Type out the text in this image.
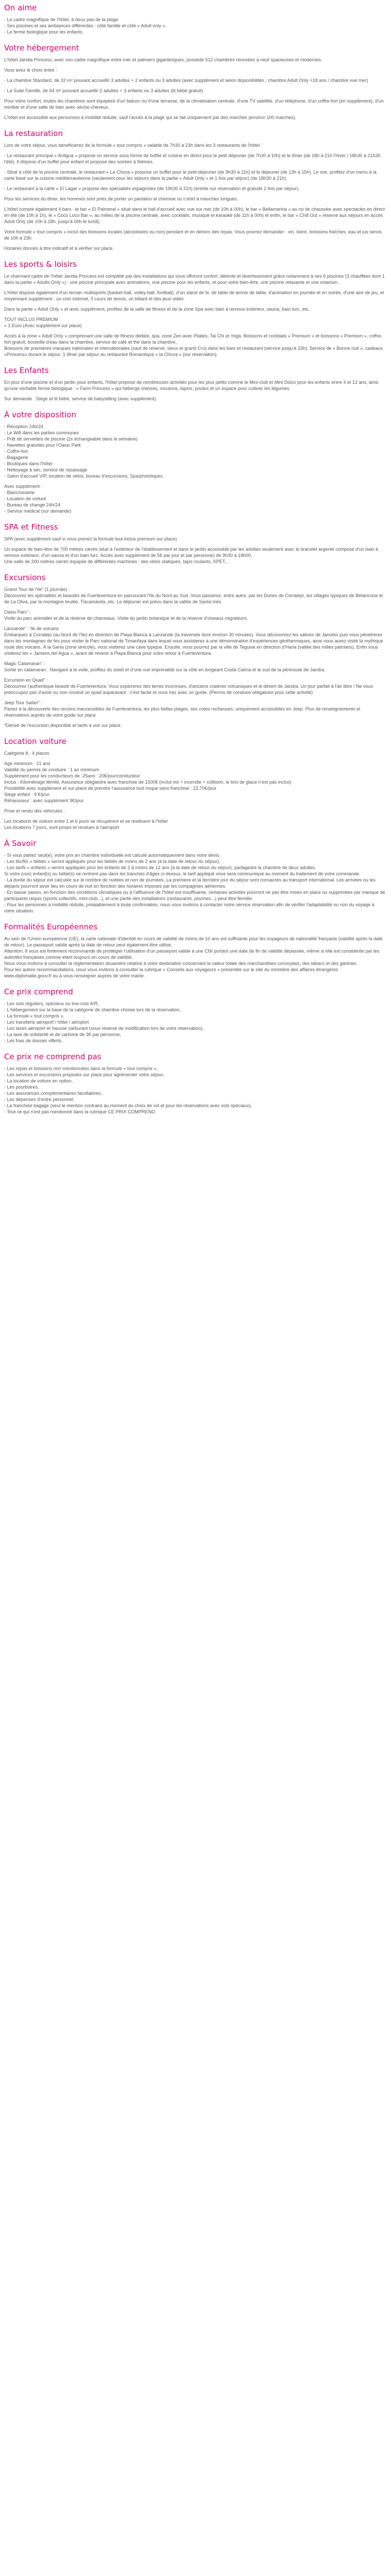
On aime

- Le cadre magnifique de l'hôtel, à deux pas de la plage.
- Ses piscines et ses ambiances différentes : côté famille et côté « Adult only ».
- Le ferme biologique pour les enfants.

Votre hébergement

L'hôtel Jandia Princess, avec son cadre magnifique entre mer et palmiers gigantesques, possède 512 chambres rénovées à neuf spacieuses et modernes.

Vous avez le choix entre :

- La chambre Standard, de 32 m² pouvant accueillir 3 adultes + 2 enfants ou 3 adultes (avec supplément et selon disponibilités ; chambre Adult Only +18 ans / chambre vue mer)

- La Suite Famille, de 64 m² pouvant accueillir 2 adultes + 3 enfants ou 3 adultes (lit bébé gratuit)

Pour votre confort, toutes les chambres sont équipées d'un balcon ou d'une terrasse, de la climatisation centrale, d'une TV satellite, d'un téléphone, d'un coffre-fort (en supplément), d'un minibar et d'une salle de bain avec sèche-cheveux.

L'hôtel est accessible aux personnes à mobilité réduite, sauf l'accès à la plage qui se fait uniquement par des marches (environ 100 marches).

La restauration

Lors de votre séjour, vous bénéficierez de la formule « tout compris » valable de 7h30 à 23h dans les 3 restaurants de l'hôtel :

- Le restaurant principal « Antigua » propose un service sous forme de buffet et cuisine en direct pour le petit déjeuner (de 7h30 à 10h) et le dîner (de 18h à 21h l'hiver / 18h30 à 21h30 l'été). Il dispose d'un buffet pour enfant et propose des soirées à thèmes.

- Situé à côté de la piscine centrale, le restaurant « La Choza » propose un buffet pour le petit-déjeuner (de 9h30 à 11h) et le déjeuner (de 13h à 15h). Le soir, profitez d'un menu à la carte basé sur la cuisine méditerranéenne (seulement pour les séjours dans la partie « Adult Only » et 1 fois par séjour) (de 18h30 à 21h).

- Le restaurant à la carte « El Lagar » propose des spécialités espagnoles (de 19h30 à 21h) (entrée sur réservation et gratuité 1 fois par séjour).

Pour les services du dîner, les hommes sont priés de porter un pantalon et chemise ou t-shirt à manches longues.

L'hôtel compte également 4 bars : le bar « El Palmeral » situé dans le hall d'accueil avec vue sur mer (de 10h à 00h), le bar « Bellamarina » au roi de chaussée avec spectacles en direct en été (de 10h à 1h), le « Coco Loco Bar », au milieu de la piscine centrale, avec cocktails, musique et karaoké (de 11h à 00h) et enfin, le bar « Chill Out » réservé aux séjours en accès Adult Only (de 10h à 18h, jusqu'à 00h le lundi).

Votre formule « tout compris » inclut des boissons locales (alcoolisées ou non) pendant et en dehors des repas. Vous pourrez demander : vin, bière, boissons fraîches, eau et jus servis de 10h à 23h.

Horaires donnés à titre indicatif et à vérifier sur place.

Les sports & loisirs

Le charmant cadre de l'hôtel Jandia Princess est complété par des installations qui vous offriront confort, détente et divertissement grâce notamment à ses 6 piscines (3 chauffées dont 1 dans la partie « Adults Only ») : une piscine principale avec animations, une piscine pour les enfants, et pour votre bien-être, une piscine relaxante et une solarium.

L'hôtel dispose également d'un terrain multisports (basket-ball, volley-ball, football), d'un stand de tir, de table de tennis de table, d'animation en journée et en soirée, d'une aire de jeu, et moyennant supplément : un coin internet, 3 cours de tennis, un billard et des jeux vidéo.

Dans la partie « Adult Only » et avec supplément, profitez de la salle de fitness et de la zone Spa avec bain à remous extérieur, sauna, bain turc, etc.

TOUT INCLUS PREMIUM
« 1 Euro (Avec supplément sur place)

Accès à la zone « Adult Only » comprenant une salle de fitness dédiée, spa, zone Zen avec Pilates, Tai Chi et Yoga. Boissons et cocktails « Premium » et boissons « Premium », coffre-fort gratuit, bouteille d'eau dans la chambre, service de café et thé dans la chambre,
Boissons de premières marques nationales et internationales (sauf de réserve, vieux et grand Cru) dans les bars et restaurant (service jusqu'à 23h). Service de « Bonne nuit », cadeaux «Princess» durant le séjour, 1 dîner par séjour au restaurant Romantique « la Choza » (sur réservation).

Les Enfants

En plus d'une piscine et d'un jardin pour enfants, l'hôtel propose de nombreuses activités pour les plus petits comme le Mini-club et Mini Disco pour les enfants entre 4 et 12 ans, ainsi qu'une véritable ferme biologique : « Farm Princess » qui héberge chèvres, moutons, lapins, poules et un espace pour cultiver les légumes.

Sur demande : Siège et lit bébé, service de babysitting (avec supplément).

À votre disposition

- Réception 24h/24
- Le Wifi dans les parties communes
- Prêt de serviettes de piscine (2x échangeable dans la semaine)
- Navettes gratuites pour l'Oasis Park
- Coffre-fort
- Bagagerie
- Boutiques dans l'hôtel
- Nettoyage à sec, service de repassage
- Salon d'accueil VIP, location de vélos, bureau d'excursions, Spa/phototopes.

Avec supplément :
- Blanchisserie
- Location de voiture
- Bureau de change 24h/24
- Service médical (sur demande)

SPA et Fitness

SPA (avec supplément sauf si vous prenez la formule tout inclus premium sur place)

Un espace de bien-être de 700 mètres carrés situé à l'extérieur de l'établissement et dans le jardin accessible par les adultes seulement avec le bracelet argenté composé d'un bain à remous extérieur, d'un sauna et d'un bain turc. Accès avec supplément de 5€ par jour et par personne) de 9h30 à 18h00.
Une salle de 200 mètres carrés équipée de différentes machines : des vélos statiques, tapis roulants, SPET...

Excursions

Grand Tour de l'île" (1 journée) :
Découvrez les spécialités et beautés de Fuerteventura en parcourant l'île du Nord au Sud. Vous passerez, entre autre, par les Dunes de Corralejo, les villages typiques de Betancuria et de La Oliva, par la montagne brulée, Tiscamanita, etc. Le déjeuner est prévu dans la vallée de Santa Inés.

Oasis Parc" :
Visite du parc animalier et de la réserve de chameaux. Visite du jardin botanique et de la réserve d'oiseaux migrateurs.

Lanzarote" : île de volcans
Embarquez à Corralejo (au Nord de l'île) en direction de Playa Blanca à Lanzarote (la traversée dure environ 30 minutes). Vous découvrirez les salines de Janubio puis vous pénétrerez dans les montagnes de feu pour visiter le Parc national de Timanfaya dans lequel vous assisterez à une démonstration d'expériences géothermiques, ainsi vous aurez visité la mythique route des volcans. À la Geria (zone vinicole), vous visiterez une cave typique. Ensuite, vous pourrez par la ville de Teguise en direction d'Haria (vallée des milles palmiers). Enfin vous visiterez les « Jameos del Agua », avant de revenir à Playa Blanca pour votre retour à Fuerteventura.

Magic Catamaran" :
Sortie en catamaran : Navigant à la voile, profitez du soleil et d'une vue imprenable sur la côte en longeant Costa Calma et le sud de la péninsule de Jandía.

Excursion en Quad" :
Découvrez l'authentique beauté de Fuerteventura. Vous explorerez des terres inconnues, d'anciens cratères volcaniques et le désert de Jandía. Un jour parfait à l'air libre ! Ne vous préoccupez pas d'avoir ou non conduit un quad auparavant : c'est facile et vous irez avec un guide. (Permis de conduire obligatoire pour cette activité)

Jeep Tour Safari" :
Partez à la découverte des recoins inaccessibles de Fuerteventura, les plus belles plages, ses cotes rocheuses, uniquement accessibles en Jeep. Plus de renseignements et réservations auprès de votre guide sur place

*Dérivé de l'excursion disponible et tarifs à voir sur place.

Location voiture

Catégorie A : 4 places

Age minimum : 21 ans
Validité du permis de conduire : 1 an minimum
Supplément pour les conducteurs de -25ans : 20€/jour/conducteur
Inclus : Kilométrage illimité, Assurance obligatoire avec franchise de 1500€ (inclut vol + incendie + collision, le bris de glace n'est pas inclus)
Possibilité avec supplément et sur place de prendre l'assurance tout risque sans franchise : 22,70€/jour
Siège enfant : 9 €/jour
Réhausseur : avec supplément 3€/jour

Prise et rendu des véhicules :

Les locations de voiture entre 1 et 6 jours se récupèrent et se restituent à l'hôtel
Les locations 7 jours, sont prises et rendues à l'aéroport

À Savoir

- Si vous partez seul(e), votre prix en chambre individuelle est calculé automatiquement dans votre devis.
- Les lits/fils « bébés » seront appliqués pour les bébés de moins de 2 ans (à la date de retour du séjour).
- Les tarifs « enfants » seront appliqués pour les enfants de 2 à moins de 12 ans (à la date de retour du séjour), partageant la chambre de deux adultes.
Si votre (vos) enfant(s) ou bébé(s) ne rentrent pas dans les tranches d'âges ci-dessus, le tarif appliqué vous sera communiqué au moment du traitement de votre commande.
- La durée du séjour est calculée sur le nombre de nuitées et non de journées. La premiere et la dernière jour du séjour sont consacrés au transport international. Les arrivées ou les départs pourront avoir lieu en cours de nuit en fonction des horaires imposés par les compagnies aériennes.
- En basse saison, en fonction des conditions climatiques ou à l'affluence de l'hôtel est insuffisante, certaines activités pourront ne pas être mises en place ou supprimées par manque de participants requis (sports collectifs, mini-club...), et une partie des installations (restaurants, piscines...) peut être fermée.
- Pour les personnes à mobilité réduite, préalablement à toute confirmation, nous vous invitons à contacter notre service réservation afin de vérifier l'adaptabilité ou non du voyage à votre situation.

Formalités Européennes

Au sein de l'Union européenne (UE), la carte nationale d'identité en cours de validité de moins de 10 ans est suffisante pour les voyageurs de nationalité française (validité après la date de retour). Le passeport valide après la date de retour peut également être utilisé.
Attention: Il vous est fortement recommandé de privilégier l'utilisation d'un passeport valide à une CNI portant une date de fin de validité dépassée, même si elle est considérée par les autorités françaises comme étant toujours en cours de validité.
Nous vous invitons à consulter la réglementation douanière relative à votre destination concernant la valeur totale des marchandises convoyées, des tabacs et des garlines.
Pour les autres recommandations, nous vous invitons à consulter la rubrique « Conseils aux voyageurs » présentée sur le site du ministère des affaires étrangères www.diplomatie.gouv.fr ou à vous renseigner auprès de votre mairie.

Ce prix comprend

- Les vols réguliers, spécieux ou low-cost A/R,
- L'hébergement sur la base de la catégorie de chambre choisie lors de la réservation,
- La formule « tout compris »,
- Les transferts aéroport / hôtel / aéroport
- Les taxes aéroport et hausse carburant (sous réserve de modification lors de votre réservation),
- La taxe de solidarité et de carbone de 3€ par personne,
- Les frais de dossier offerts.

Ce prix ne comprend pas

- Les repas et boissons non mentionnées dans la formule « tout compris »,
- Les services et excursions proposés sur place pour agrémenter votre séjour,
- La location de voiture en option,
- Les pourboires,
- Les assurances complémentaires facultatives,
- Les dépenses d'ordre personnel,
- La franchise bagage (seul le mention contraire au moment du choix de vol et pour les réservations avec vols spéciaux),
- Tout ce qui n'est pas mentionné dans la rubrique CE PRIX COMPREND.
